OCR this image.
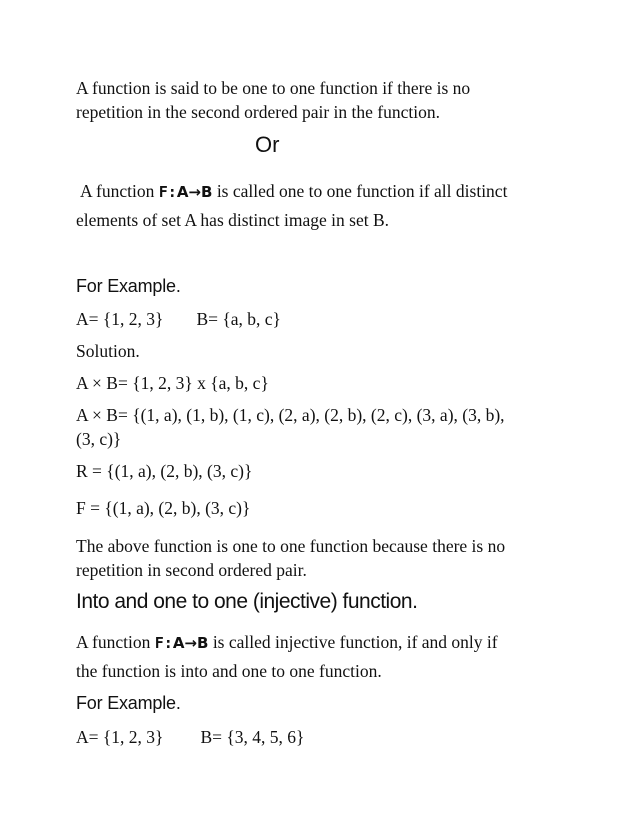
A function is said to be one to one function if there is no
repetition in the second ordered pair in the function.
Or
A function F:A→B is called one to one function if all distinct
elements of set A has distinct image in set B.
For Example.
A= {1, 2, 3} B= {a, b, c}
Solution.
A × B= {1, 2, 3} x {a, b, c}
A × B= {(1, a), (1, b), (1, c), (2, a), (2, b), (2, c), (3, a), (3, b),
(3, c)}
R = {(1, a), (2, b), (3, c)}
F = {(1, a), (2, b), (3, c)}
The above function is one to one function because there is no
repetition in second ordered pair.
Into and one to one (injective) function.
A function F:A→B is called injective function, if and only if
the function is into and one to one function.
For Example.
A= {1, 2, 3} B= {3, 4, 5, 6}
